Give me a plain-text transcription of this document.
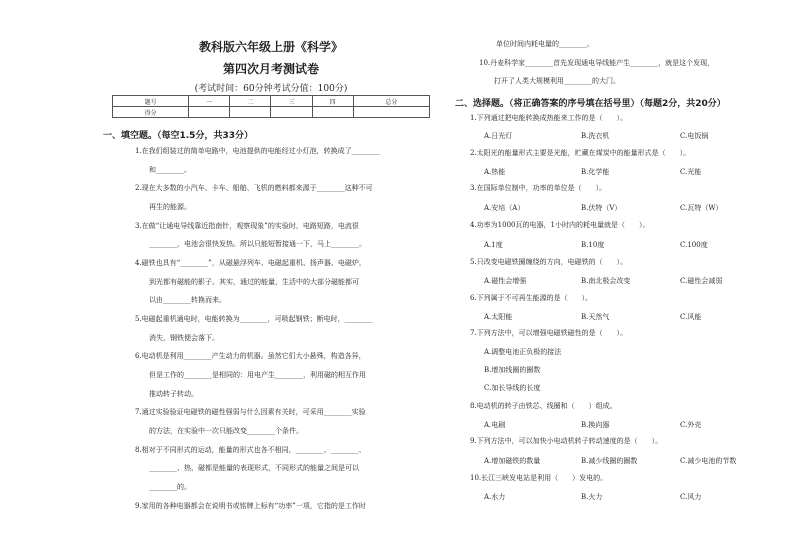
教科版六年级上册《科学》
第四次月考测试卷
(考试时间：60分钟考试分值：100分)
题号	一	二	三	四	总分
得分					
一、填空题。（每空1.5分，共33分）
1.在我们组装过的简单电路中，电池提供的电能经过小灯泡，转换成了________
和________。
2.现在大多数的小汽车、卡车、船舶、飞机的燃料都来源于________这种不可
再生的能源。
3.在做“让通电导线靠近指南针，观察现象”的实验时，电路短路，电流很
________，电池会很快发热。所以只能短暂接通一下，马上________。
4.磁铁也具有“________”，从磁悬浮列车、电磁起重机、扬声器、电磁炉，
到光都有磁能的影子。其实，通过的能量，生活中的大部分磁能都可
以由________转换而来。
5.电磁起重机通电时，电能转换为________，可吸起钢铁；断电时，________
消失，钢铁便会落下。
6.电动机是利用________产生动力的机器。虽然它们大小悬殊，构造各异，
但是工作的________是相同的：用电产生________，利用磁的相互作用
推动转子转动。
7.通过实验验证电磁铁的磁性强弱与什么因素有关时，可采用________实验
的方法，在实验中一次只能改变________个条件。
8.相对于不同形式的运动，能量的形式也各不相同，________、________、
________、热、磁都是能量的表现形式，不同形式的能量之间是可以
________的。
9.家用的各种电器都会在说明书或铭牌上标有“功率”一项，它指的是工作时
单位时间内耗电量的________。
10.丹麦科学家________首先发现通电导线能产生________，就是这个发现，
打开了人类大规模利用________的大门。
二、选择题。（将正确答案的序号填在括号里）（每题2分，共20分）
1.下列通过把电能转换成热能来工作的是（　　）。
A.日光灯	B.洗衣机	C.电饭锅
2.太阳光的能量形式主要是光能，贮藏在煤炭中的能量形式是（　　）。
A.热能	B.化学能	C.光能
3.在国际单位制中，功率的单位是（　　）。
A.安培（A）	B.伏特（V）	C.瓦特（W）
4.功率为1000瓦的电器，1小时内的耗电量就是（　　）。
A.1度	B.10度	C.100度
5.只改变电磁铁圈缠绕的方向，电磁铁的（　　）。
A.磁性会增强	B.南北极会改变	C.磁性会减弱
6.下列属于不可再生能源的是（　　）。
A.太阳能	B.天然气	C.风能
7.下列方法中，可以增强电磁铁磁性的是（　　）。
A.调整电池正负极的接法
B.增加线圈的圈数
C.加长导线的长度
8.电动机的转子由铁芯、线圈和（　　）组成。
A.电刷	B.换向器	C.外壳
9.下列方法中，可以加快小电动机转子转动速度的是（　　）。
A.增加磁铁的数量	B.减少线圈的圈数	C.减少电池的节数
10.长江三峡发电站是利用（　　）发电的。
A.水力	B.火力	C.风力
